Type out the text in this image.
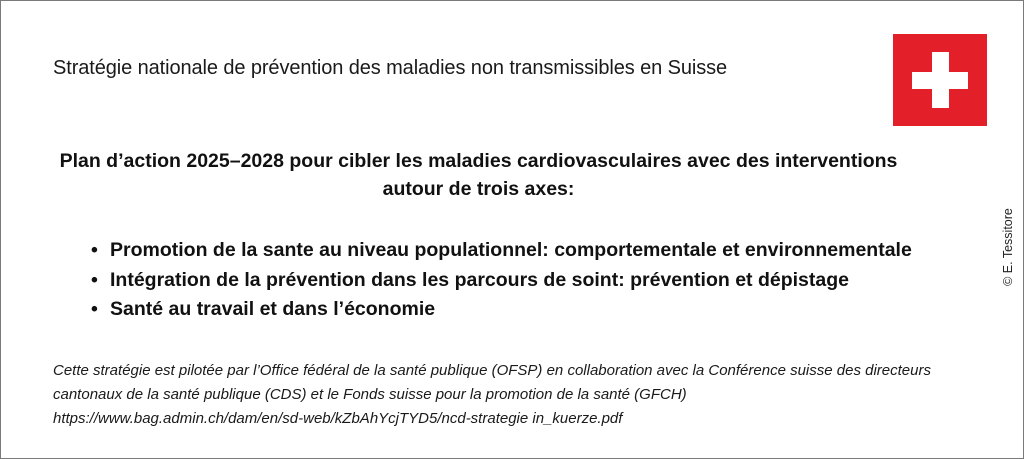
Stratégie nationale de prévention des maladies non transmissibles en Suisse
Plan d’action 2025–2028 pour cibler les maladies cardiovasculaires avec des interventions
autour de trois axes:
• Promotion de la sante au niveau populationnel: comportementale et environnementale
• Intégration de la prévention dans les parcours de soint: prévention et dépistage
• Santé au travail et dans l’économie
Cette stratégie est pilotée par l’Office fédéral de la santé publique (OFSP) en collaboration avec la Conférence suisse des directeurs
cantonaux de la santé publique (CDS) et le Fonds suisse pour la promotion de la santé (GFCH)
https://www.bag.admin.ch/dam/en/sd-web/kZbAhYcjTYD5/ncd-strategie in_kuerze.pdf
© E. Tessitore
